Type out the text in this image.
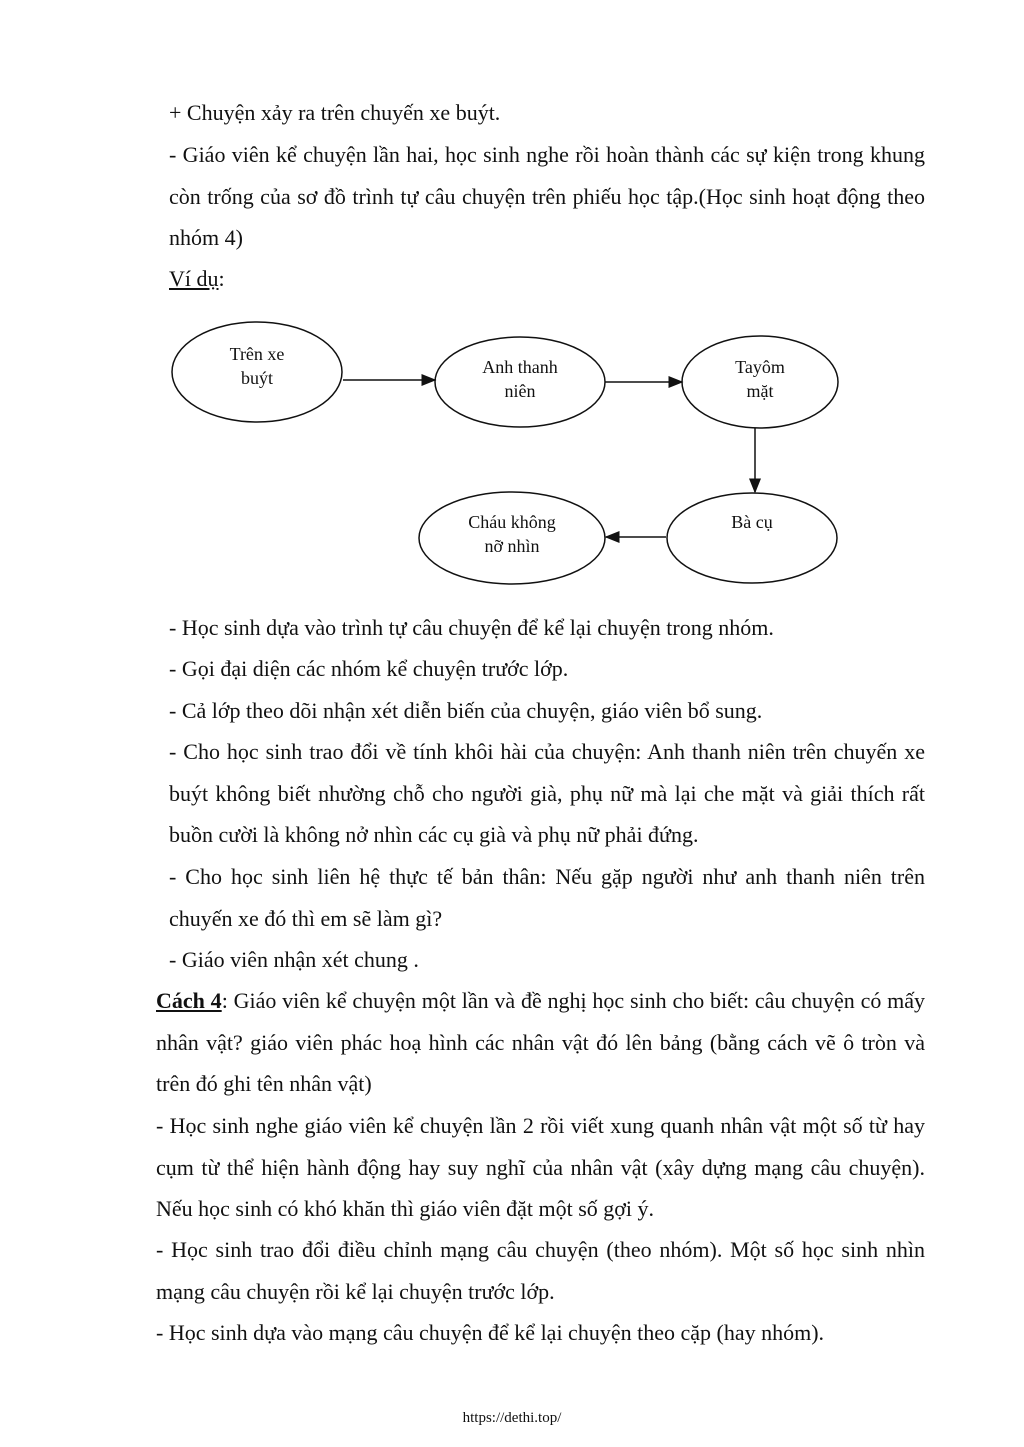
+ Chuyện xảy ra trên chuyến xe buýt.

- Giáo viên kể chuyện lần hai, học sinh nghe rồi hoàn thành các sự kiện trong khung còn trống của sơ đồ trình tự câu chuyện trên phiếu học tập.(Học sinh hoạt động theo nhóm 4)

Ví dụ:

Trên xe
buýt
Anh thanh
niên
Tayôm
mặt
Bà cụ
Cháu không
nỡ nhìn

- Học sinh dựa vào trình tự câu chuyện để kể lại chuyện trong nhóm.

- Gọi đại diện các nhóm kể chuyện trước lớp.

- Cả lớp theo dõi nhận xét diễn biến của chuyện, giáo viên bổ sung.

- Cho học sinh trao đổi về tính khôi hài của chuyện: Anh thanh niên trên chuyến xe buýt không biết nhường chỗ cho người già, phụ nữ mà lại che mặt và giải thích rất buồn cười là không nở nhìn các cụ già và phụ nữ phải đứng.

- Cho học sinh liên hệ thực tế bản thân: Nếu gặp người như anh thanh niên trên chuyến xe đó thì em sẽ làm gì?

- Giáo viên nhận xét chung .

Cách 4: Giáo viên kể chuyện một lần và đề nghị học sinh cho biết: câu chuyện có mấy nhân vật? giáo viên phác hoạ hình các nhân vật đó lên bảng (bằng cách vẽ ô tròn và trên đó ghi tên nhân vật)

- Học sinh nghe giáo viên kể chuyện lần 2 rồi viết xung quanh nhân vật một số từ hay cụm từ thể hiện hành động hay suy nghĩ của nhân vật (xây dựng mạng câu chuyện). Nếu học sinh có khó khăn thì giáo viên đặt một số gợi ý.

- Học sinh trao đổi điều chỉnh mạng câu chuyện (theo nhóm). Một số học sinh nhìn mạng câu chuyện rồi kể lại chuyện trước lớp.

- Học sinh dựa vào mạng câu chuyện để kể lại chuyện theo cặp (hay nhóm).

https://dethi.top/
